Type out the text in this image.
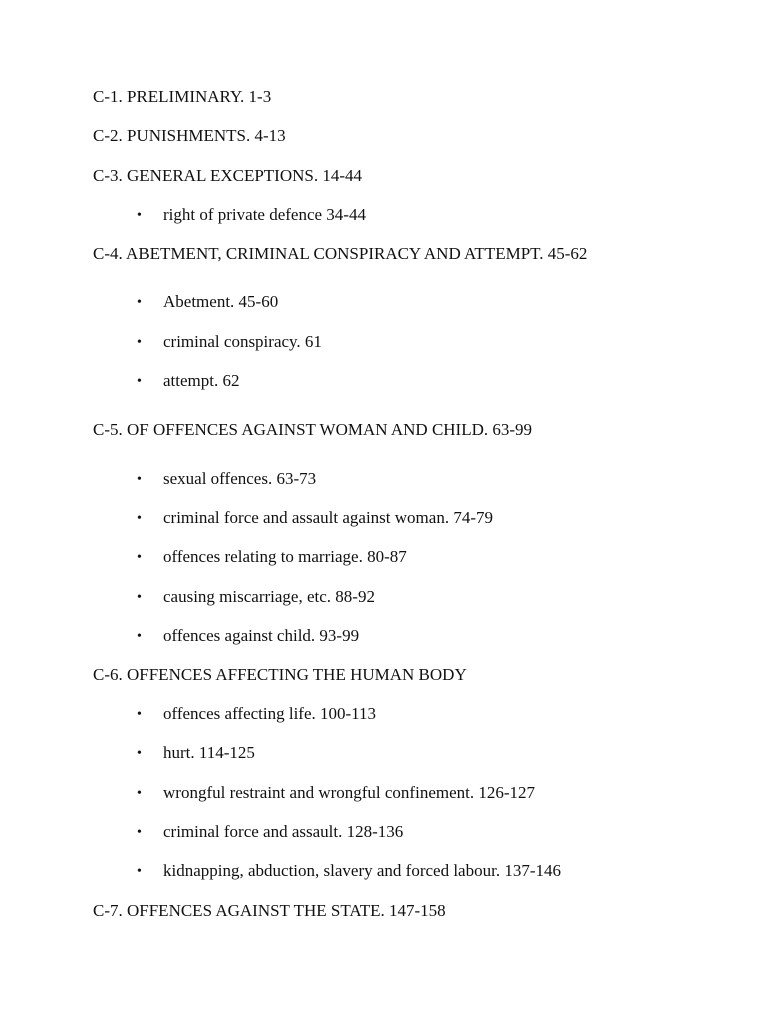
C-1. PRELIMINARY. 1-3
C-2. PUNISHMENTS. 4-13
C-3. GENERAL EXCEPTIONS. 14-44
• right of private defence 34-44
C-4. ABETMENT, CRIMINAL CONSPIRACY AND ATTEMPT. 45-62
• Abetment. 45-60
• criminal conspiracy. 61
• attempt. 62
C-5. OF OFFENCES AGAINST WOMAN AND CHILD. 63-99
• sexual offences. 63-73
• criminal force and assault against woman. 74-79
• offences relating to marriage. 80-87
• causing miscarriage, etc. 88-92
• offences against child. 93-99
C-6. OFFENCES AFFECTING THE HUMAN BODY
• offences affecting life. 100-113
• hurt. 114-125
• wrongful restraint and wrongful confinement. 126-127
• criminal force and assault. 128-136
• kidnapping, abduction, slavery and forced labour. 137-146
C-7. OFFENCES AGAINST THE STATE. 147-158
